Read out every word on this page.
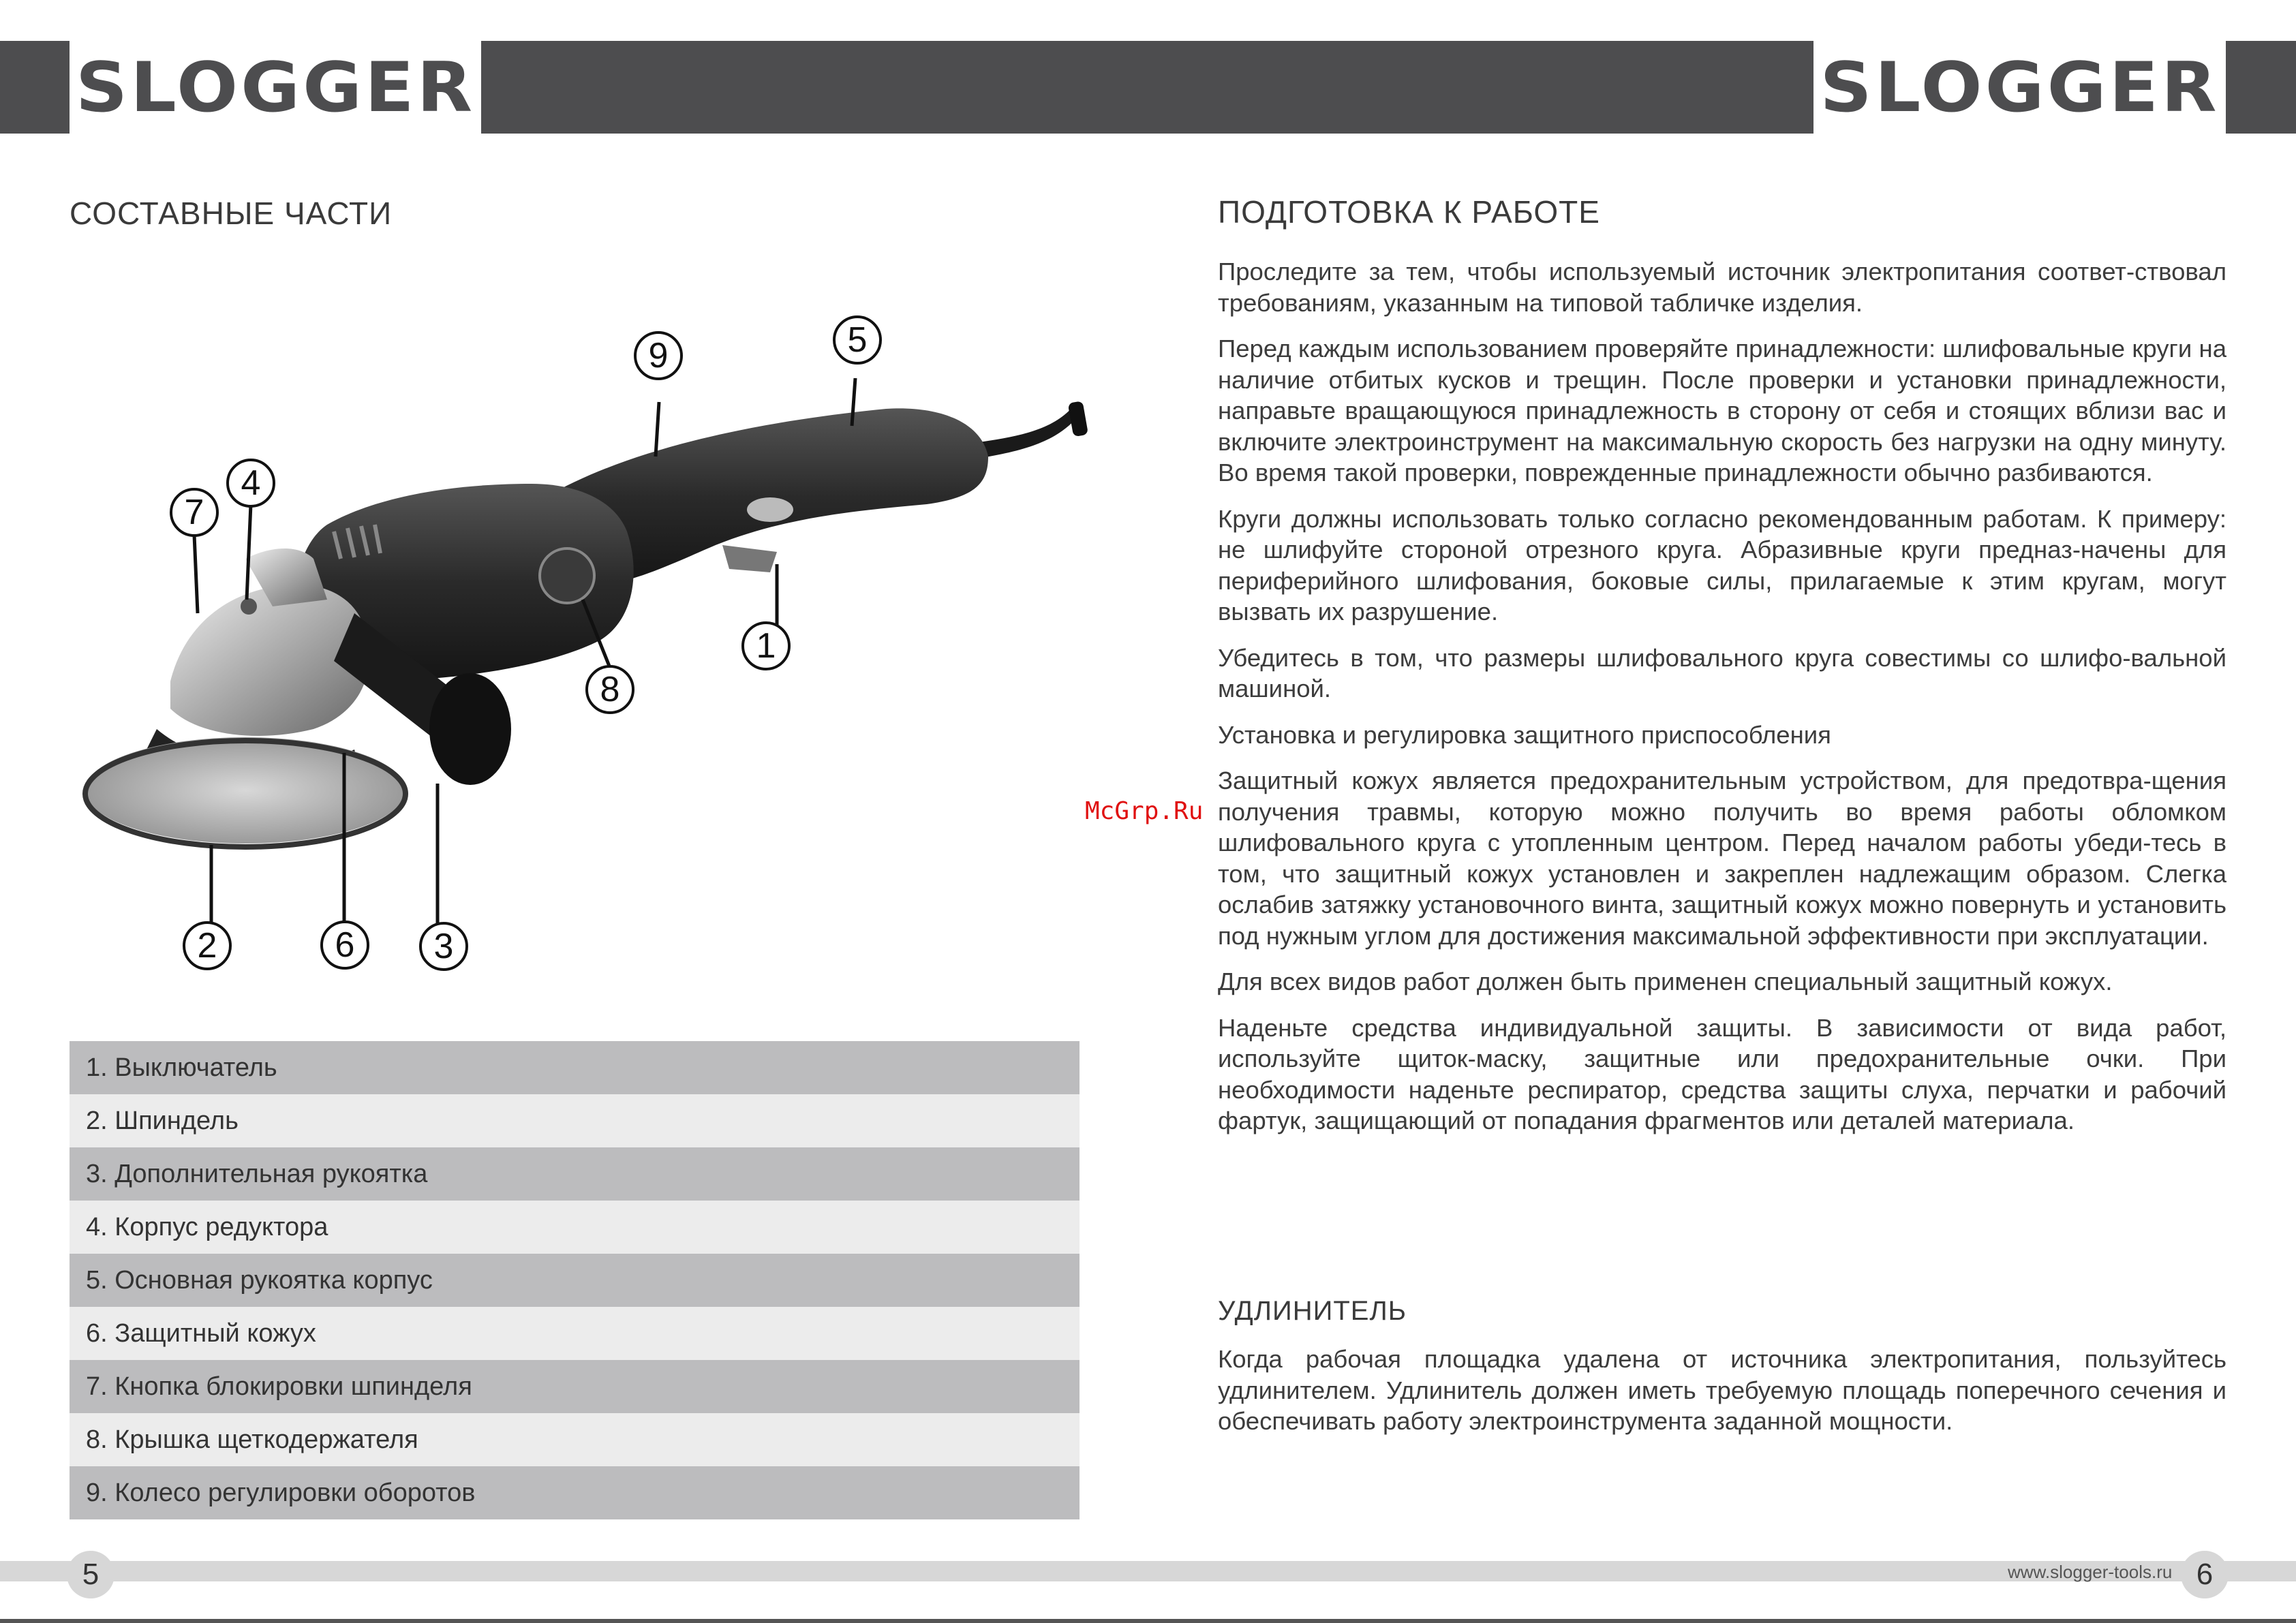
SLOGGER	SLOGGER
СОСТАВНЫЕ ЧАСТИ
1
2	3
4
5
6
7
8
9
1. Выключатель
2. Шпиндель
3. Дополнительная рукоятка
4. Корпус редуктора
5. Основная рукоятка корпус
6. Защитный кожух
7. Кнопка блокировки шпинделя
8. Крышка щеткодержателя
9. Колесо регулировки оборотов
ПОДГОТОВКА К РАБОТЕ

Проследите за тем, чтобы используемый источник электропитания соответ-ствовал требованиям, указанным на типовой табличке изделия.

Перед каждым использованием проверяйте принадлежности: шлифовальные круги на наличие отбитых кусков и трещин. После проверки и установки принадлежности, направьте вращающуюся принадлежность в сторону от себя и стоящих вблизи вас и включите электроинструмент на максимальную скорость без нагрузки на одну минуту. Во время такой проверки, поврежденные принадлежности обычно разбиваются.

Круги должны использовать только согласно рекомендованным работам. К примеру: не шлифуйте стороной отрезного круга. Абразивные круги предназ-начены для периферийного шлифования, боковые силы, прилагаемые к этим кругам, могут вызвать их разрушение.

Убедитесь в том, что размеры шлифовального круга совестимы со шлифо-вальной машиной.

Установка и регулировка защитного приспособления

Защитный кожух является предохранительным устройством, для предотвра-щения получения травмы, которую можно получить во время работы обломком шлифовального круга с утопленным центром. Перед началом работы убеди-тесь в том, что защитный кожух установлен и закреплен надлежащим образом. Слегка ослабив затяжку установочного винта, защитный кожух можно повернуть и установить под нужным углом для достижения максимальной эффективности при эксплуатации.

Для всех видов работ должен быть применен специальный защитный кожух.

Наденьте средства индивидуальной защиты. В зависимости от вида работ, используйте щиток-маску, защитные или предохранительные очки. При необходимости наденьте респиратор, средства защиты слуха, перчатки и рабочий фартук, защищающий от попадания фрагментов или деталей материала.

УДЛИНИТЕЛЬ

Когда рабочая площадка удалена от источника электропитания, пользуйтесь удлинителем. Удлинитель должен иметь требуемую площадь поперечного сечения и обеспечивать работу электроинструмента заданной мощности.

McGrp.Ru
5	www.slogger-tools.ru 6
